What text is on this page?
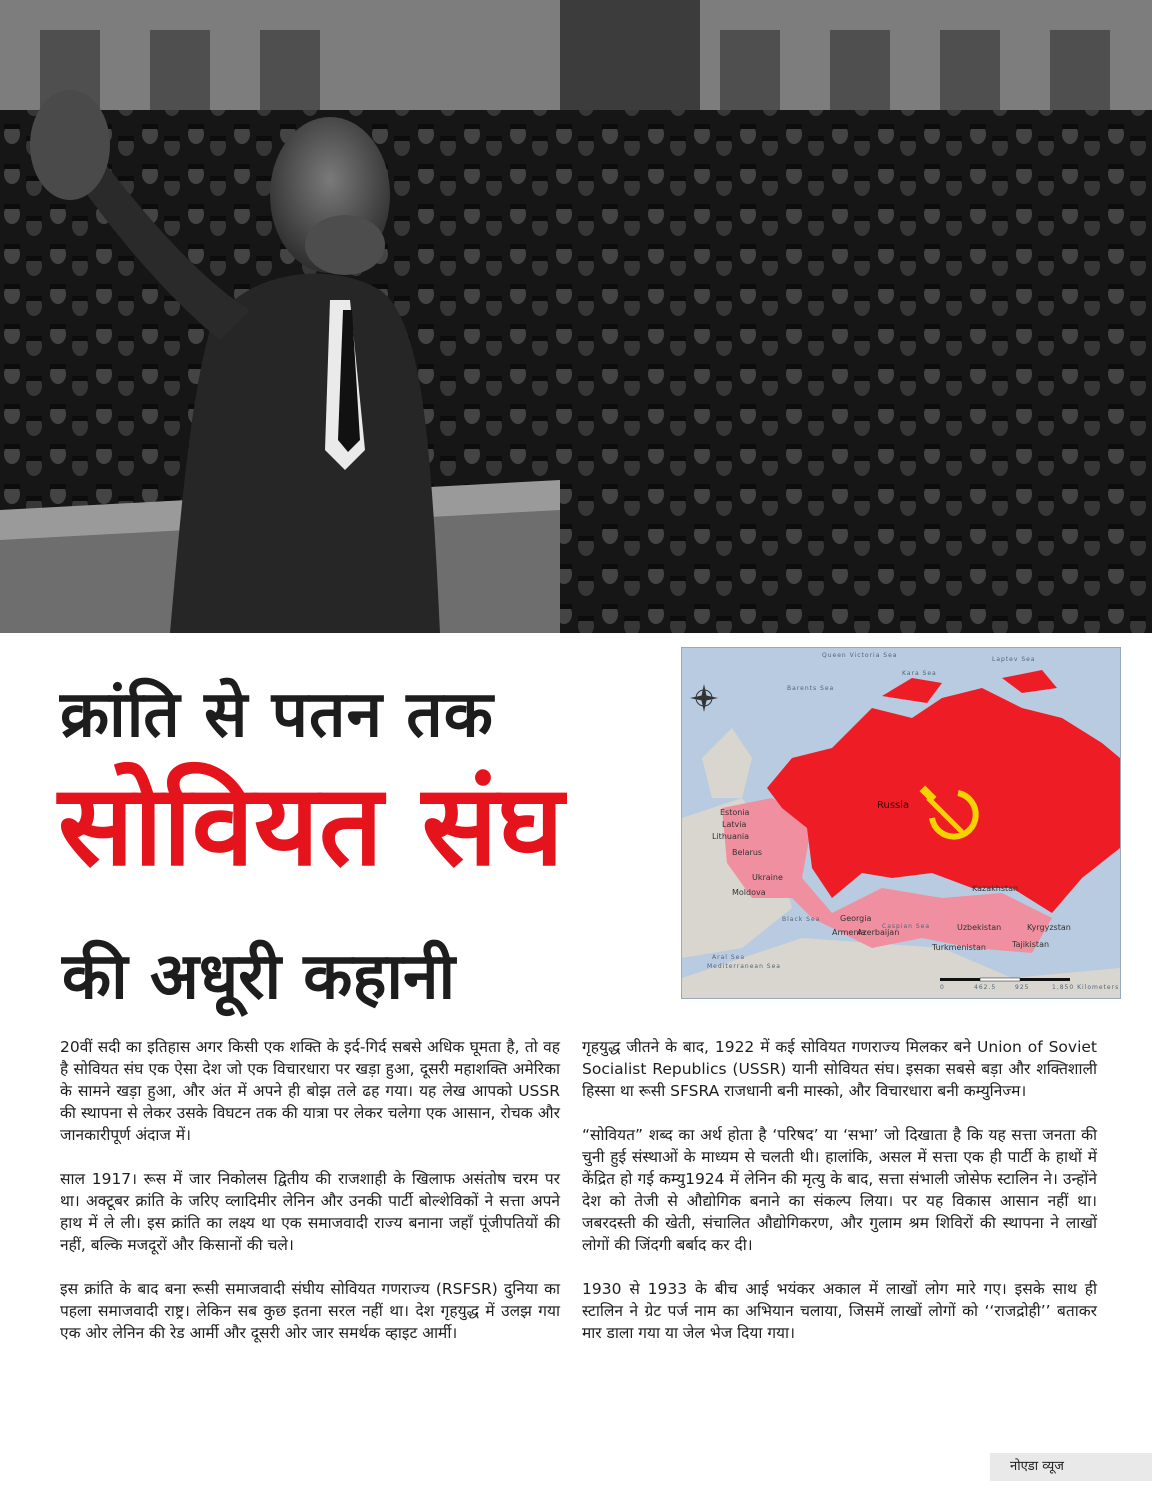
क्रांति से पतन तक
सोवियत संघ
की अधूरी कहानी
Queen Victoria Sea
Barents Sea
Kara Sea
Laptev Sea
Black Sea
Caspian Sea
Mediterranean Sea
Aral Sea
Russia
Estonia
Latvia
Lithuania
Belarus
Ukraine
Moldova	Kazakhstan
Uzbekistan	Kyrgyzstan
Turkmenistan	Tajikistan
Georgia
Armenia
Azerbaijan
0	462.5	925	1,850 Kilometers

20वीं सदी का इतिहास अगर किसी एक शक्ति के इर्द-गिर्द सबसे अधिक घूमता है, तो वह है सोवियत संघ एक ऐसा देश जो एक विचारधारा पर खड़ा हुआ, दूसरी महाशक्ति अमेरिका के सामने खड़ा हुआ, और अंत में अपने ही बोझ तले ढह गया। यह लेख आपको USSR की स्थापना से लेकर उसके विघटन तक की यात्रा पर लेकर चलेगा एक आसान, रोचक और जानकारीपूर्ण अंदाज में।

साल 1917। रूस में जार निकोलस द्वितीय की राजशाही के खिलाफ असंतोष चरम पर था। अक्टूबर क्रांति के जरिए व्लादिमीर लेनिन और उनकी पार्टी बोल्शेविकों ने सत्ता अपने हाथ में ले ली। इस क्रांति का लक्ष्य था एक समाजवादी राज्य बनाना जहाँ पूंजीपतियों की नहीं, बल्कि मजदूरों और किसानों की चले।

इस क्रांति के बाद बना रूसी समाजवादी संघीय सोवियत गणराज्य (RSFSR) दुनिया का पहला समाजवादी राष्ट्र। लेकिन सब कुछ इतना सरल नहीं था। देश गृहयुद्ध में उलझ गया एक ओर लेनिन की रेड आर्मी और दूसरी ओर जार समर्थक व्हाइट आर्मी।

गृहयुद्ध जीतने के बाद, 1922 में कई सोवियत गणराज्य मिलकर बने Union of Soviet Socialist Republics (USSR) यानी सोवियत संघ। इसका सबसे बड़ा और शक्तिशाली हिस्सा था रूसी SFSRA राजधानी बनी मास्को, और विचारधारा बनी कम्युनिज्म।

“सोवियत” शब्द का अर्थ होता है ‘परिषद’ या ‘सभा’ जो दिखाता है कि यह सत्ता जनता की चुनी हुई संस्थाओं के माध्यम से चलती थी। हालांकि, असल में सत्ता एक ही पार्टी के हाथों में केंद्रित हो गई कम्यु1924 में लेनिन की मृत्यु के बाद, सत्ता संभाली जोसेफ स्टालिन ने। उन्होंने देश को तेजी से औद्योगिक बनाने का संकल्प लिया। पर यह विकास आसान नहीं था। जबरदस्ती की खेती, संचालित औद्योगिकरण, और गुलाम श्रम शिविरों की स्थापना ने लाखों लोगों की जिंदगी बर्बाद कर दी।

1930 से 1933 के बीच आई भयंकर अकाल में लाखों लोग मारे गए। इसके साथ ही स्टालिन ने ग्रेट पर्ज नाम का अभियान चलाया, जिसमें लाखों लोगों को ‘‘राजद्रोही’’ बताकर मार डाला गया या जेल भेज दिया गया।

नोएडा व्यूज
